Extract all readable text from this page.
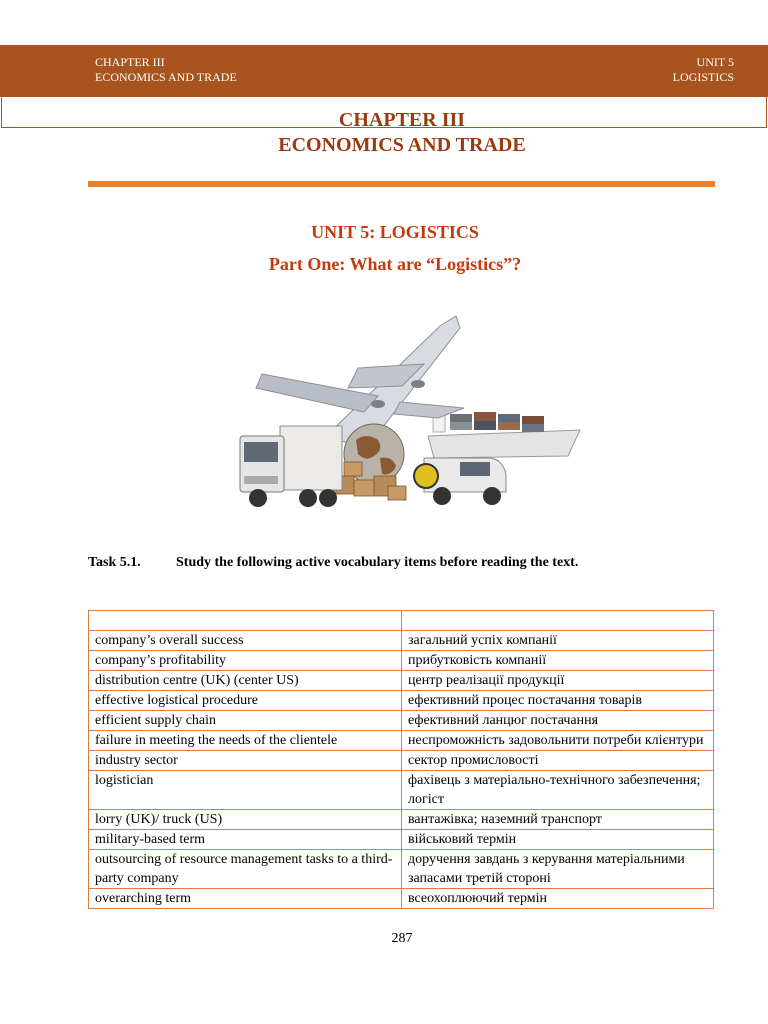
CHAPTER III
ECONOMICS AND TRADE
UNIT 5
LOGISTICS
CHAPTER III
ECONOMICS AND TRADE
UNIT 5: LOGISTICS
Part One: What are “Logistics”?
Task 5.1.	Study the following active vocabulary items before reading the text.

company’s overall success	загальний успіх компанії
company’s profitability	прибутковість компанії
distribution centre (UK) (center US)	центр реалізації продукції
effective logistical procedure	ефективний процес постачання товарів
efficient supply chain	ефективний ланцюг постачання
failure in meeting the needs of the clientele	неспроможність задовольнити потреби клієнтури
industry sector	сектор промисловості
logistician	фахівець з матеріально-технічного забезпечення; логіст
lorry (UK)/ truck (US)	вантажівка; наземний транспорт
military-based term	військовий термін
outsourcing of resource management tasks to a third-party company	доручення завдань з керування матеріальними запасами третій стороні
overarching term	всеохоплюючий термін
287
